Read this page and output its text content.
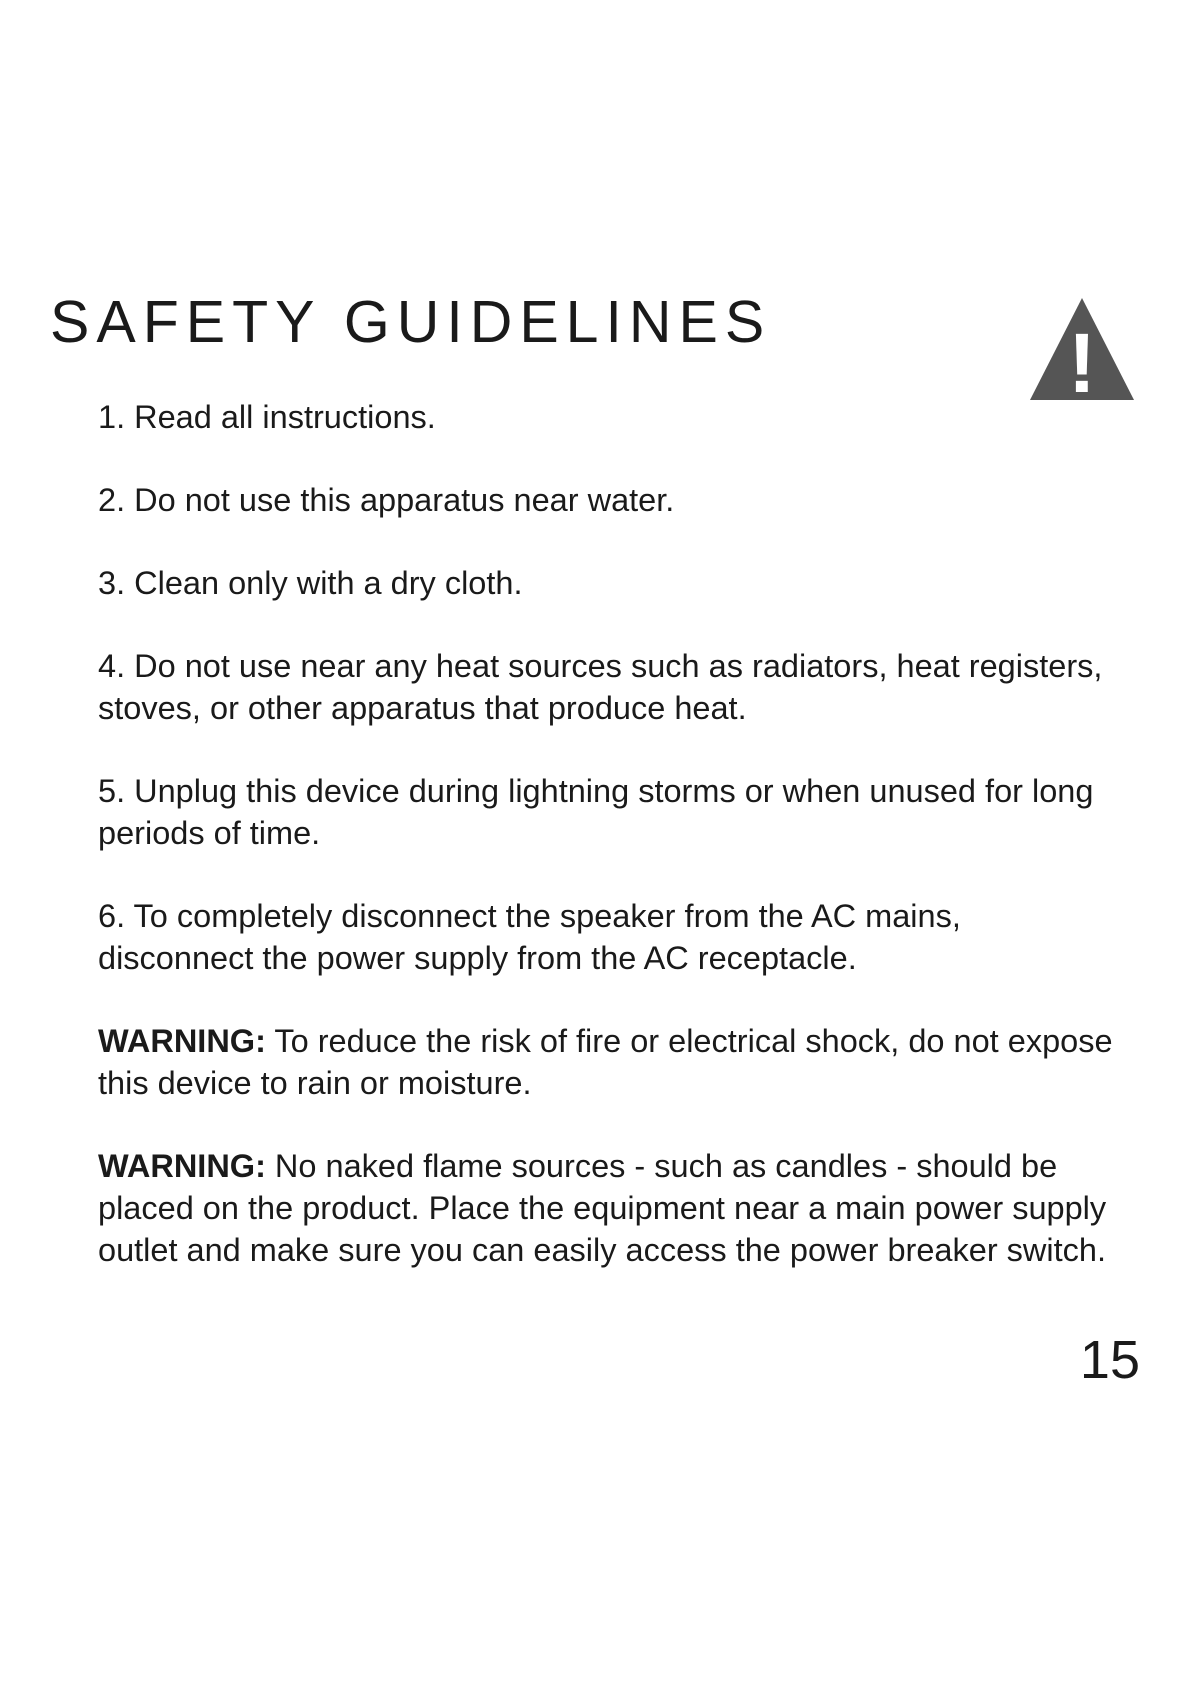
SAFETY GUIDELINES	!

1. Read all instructions.

2. Do not use this apparatus near water.

3. Clean only with a dry cloth.

4. Do not use near any heat sources such as radiators, heat registers, stoves, or other apparatus that produce heat.

5. Unplug this device during lightning storms or when unused for long periods of time.

6. To completely disconnect the speaker from the AC mains, disconnect the power supply from the AC receptacle.

WARNING: To reduce the risk of fire or electrical shock, do not expose this device to rain or moisture.

WARNING: No naked flame sources - such as candles - should be placed on the product. Place the equipment near a main power supply outlet and make sure you can easily access the power breaker switch.

15
